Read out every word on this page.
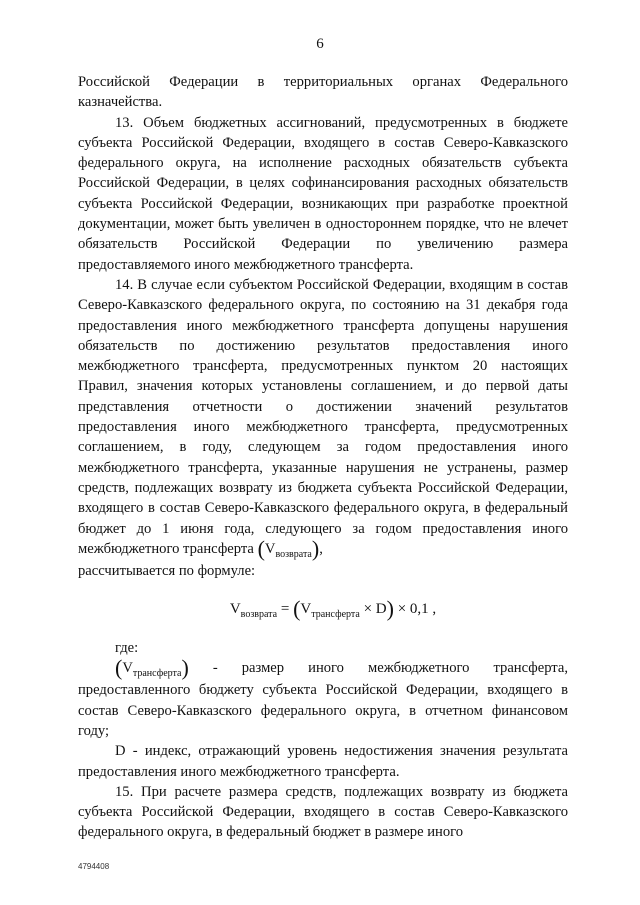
6

Российской Федерации в территориальных органах Федерального казначейства.

13. Объем бюджетных ассигнований, предусмотренных в бюджете субъекта Российской Федерации, входящего в состав Северо-Кавказского федерального округа, на исполнение расходных обязательств субъекта Российской Федерации, в целях софинансирования расходных обязательств субъекта Российской Федерации, возникающих при разработке проектной документации, может быть увеличен в одностороннем порядке, что не влечет обязательств Российской Федерации по увеличению размера предоставляемого иного межбюджетного трансферта.

14. В случае если субъектом Российской Федерации, входящим в состав Северо-Кавказского федерального округа, по состоянию на 31 декабря года предоставления иного межбюджетного трансферта допущены нарушения обязательств по достижению результатов предоставления иного межбюджетного трансферта, предусмотренных пунктом 20 настоящих Правил, значения которых установлены соглашением, и до первой даты представления отчетности о достижении значений результатов предоставления иного межбюджетного трансферта, предусмотренных соглашением, в году, следующем за годом предоставления иного межбюджетного трансферта, указанные нарушения не устранены, размер средств, подлежащих возврату из бюджета субъекта Российской Федерации, входящего в состав Северо-Кавказского федерального округа, в федеральный бюджет до 1 июня года, следующего за годом предоставления иного межбюджетного трансферта $(V_{возврата})$,

рассчитывается по формуле:

$V_{возврата} = (V_{трансферта} \times D) \times 0,1$ ,

где:

$(V_{трансферта})$ - размер иного межбюджетного трансферта, предоставленного бюджету субъекта Российской Федерации, входящего в состав Северо-Кавказского федерального округа, в отчетном финансовом году;

D - индекс, отражающий уровень недостижения значения результата предоставления иного межбюджетного трансферта.

15. При расчете размера средств, подлежащих возврату из бюджета субъекта Российской Федерации, входящего в состав Северо-Кавказского федерального округа, в федеральный бюджет в размере иного

4794408
